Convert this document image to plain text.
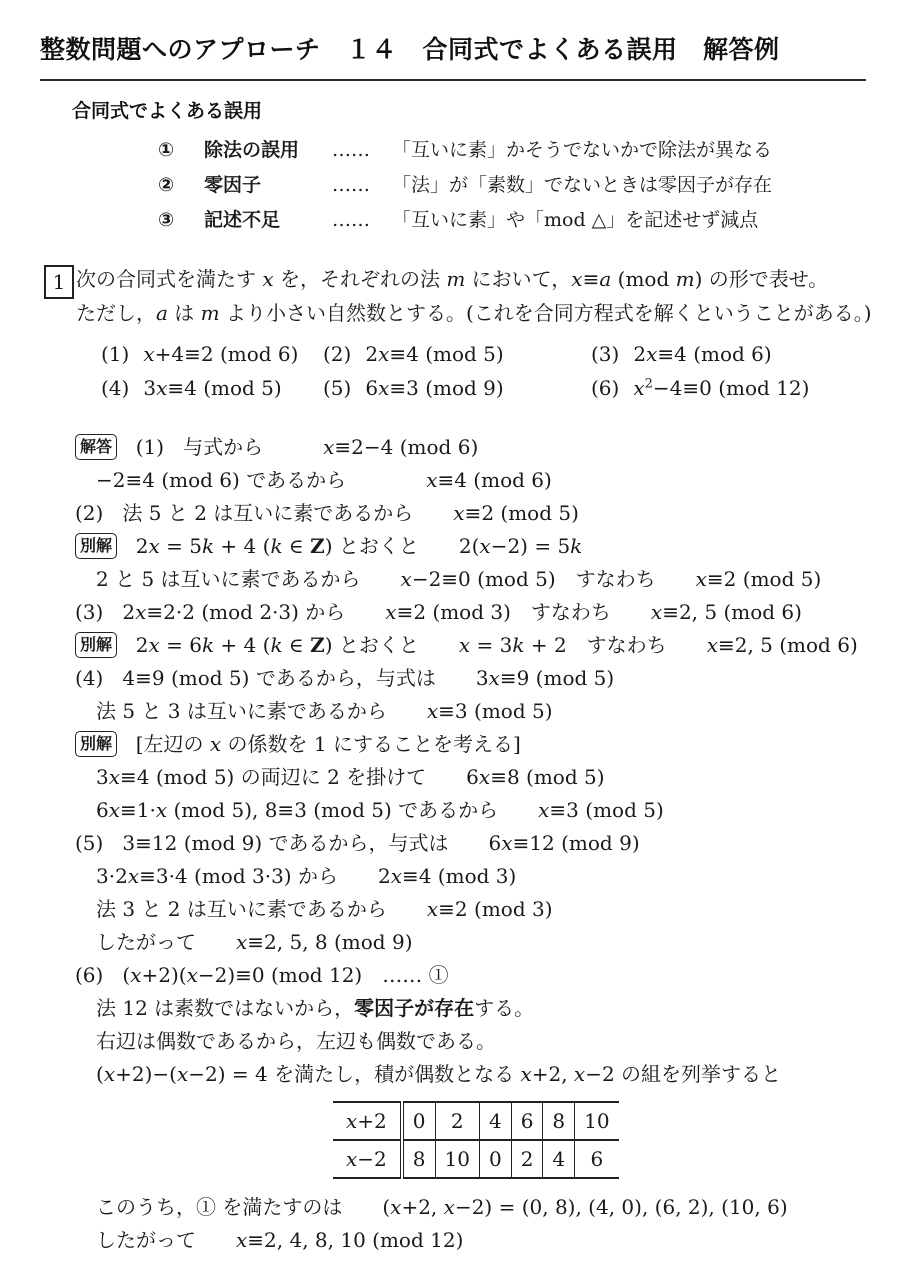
整数問題へのアプローチ　１４　合同式でよくある誤用　解答例
合同式でよくある誤用
①	除法の誤用	……	「互いに素」かそうでないかで除法が異なる
②	零因子	……	「法」が「素数」でないときは零因子が存在
③	記述不足	……	「互いに素」や「mod △」を記述せず減点
1 次の合同式を満たす x を，それぞれの法 m において，x≡a (mod m) の形で表せ。
ただし，a は m より小さい自然数とする。(これを合同方程式を解くということがある。)
(1) x+4≡2 (mod 6)	(2) 2x≡4 (mod 5)	(3) 2x≡4 (mod 6)
(4) 3x≡4 (mod 5)	(5) 6x≡3 (mod 9)	(6) $x^2-4\equiv 0$ (mod 12)
解答  (1)   与式から　　　	x≡2−4 (mod 6)
−2≡4 (mod 6) であるから　　　　	x≡4 (mod 6)
(2)   法 5 と 2 は互いに素であるから　　 x≡2 (mod 5)
別解  2x = 5k + 4 (k ∈ Z) とおくと　　 2(x−2) = 5k
2 と 5 は互いに素であるから　　 x−2≡0 (mod 5)　すなわち　　x≡2 (mod 5)
(3)   2x≡2·2 (mod 2·3) から　　 x≡2 (mod 3)　すなわち　　x≡2, 5 (mod 6)
別解  2x = 6k + 4 (k ∈ Z) とおくと　　 x = 3k + 2　すなわち　　x≡2, 5 (mod 6)
(4)   4≡9 (mod 5) であるから，与式は　　3x≡9 (mod 5)
法 5 と 3 は互いに素であるから　　 x≡3 (mod 5)
別解 [左辺の x の係数を 1 にすることを考える]
3x≡4 (mod 5) の両辺に 2 を掛けて　　6x≡8 (mod 5)
6x≡1·x (mod 5), 8≡3 (mod 5) であるから　　 x≡3 (mod 5)
(5)   3≡12 (mod 9) であるから，与式は　　6x≡12 (mod 9)
3·2x≡3·4 (mod 3·3) から　　2x≡4 (mod 3)
法 3 と 2 は互いに素であるから　　 x≡2 (mod 3)
したがって　　 x≡2, 5, 8 (mod 9)
(6)   (x+2)(x−2)≡0 (mod 12)　…… ①
法 12 は素数ではないから，零因子が存在する。
右辺は偶数であるから，左辺も偶数である。
(x+2)−(x−2) = 4 を満たし，積が偶数となる x+2, x−2 の組を列挙すると
x+2	0	2	4	6	8	10
x−2	8	10	0	2	4	6
このうち，① を満たすのは　　(x+2, x−2) = (0, 8), (4, 0), (6, 2), (10, 6)
したがって　　 x≡2, 4, 8, 10 (mod 12)
